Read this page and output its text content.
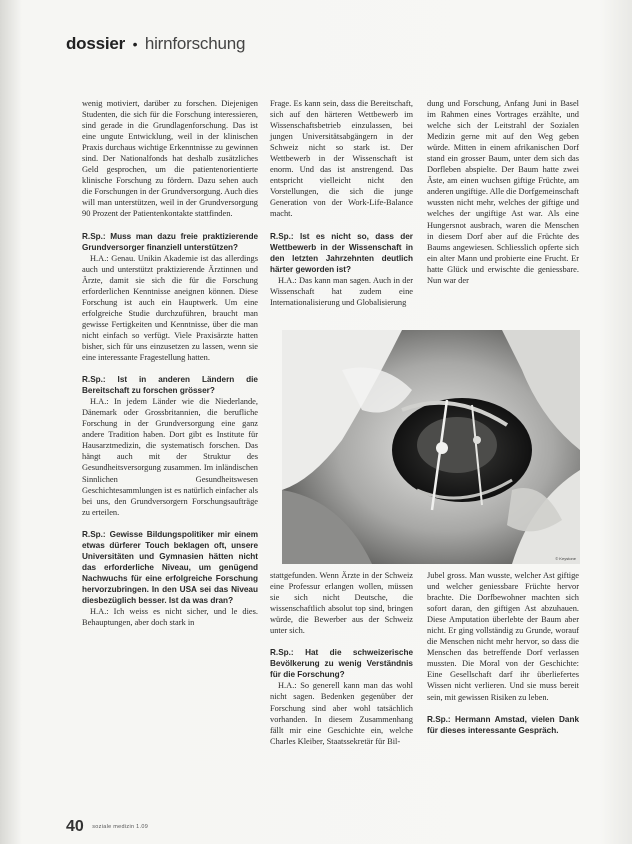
dossier • hirnforschung

wenig motiviert, darüber zu forschen. Diejenigen Studenten, die sich für die Forschung interessieren, sind gerade in die Grundlagenforschung. Das ist eine ungute Entwicklung, weil in der klinischen Praxis durchaus wichtige Erkenntnisse zu gewinnen sind. Der Nationalfonds hat deshalb zusätzliches Geld gesprochen, um die patientenorientierte klinische Forschung zu fördern. Dazu sehen auch die Forschungen in der Grundversorgung. Auch dies will man unterstützen, weil in der Grundversorgung 90 Prozent der Patientenkontakte stattfinden.

R.Sp.: Muss man dazu freie praktizierende Grundversorger finanziell unterstützen?

H.A.: Genau. Unikin Akademie ist das allerdings auch und unterstützt praktizierende Ärztinnen und Ärzte, damit sie sich die für die Forschung erforderlichen Kenntnisse aneignen können. Diese Forschung ist auch ein Hauptwerk. Um eine erfolgreiche Studie durchzuführen, braucht man gewisse Fertigkeiten und Kenntnisse, über die man nicht einfach so verfügt. Viele Praxisärzte hatten bisher, sich für uns einzusetzen zu lassen, wenn sie eine interessante Fragestellung hatten.

R.Sp.: Ist in anderen Ländern die Bereitschaft zu forschen grösser?

H.A.: In jedem Länder wie die Niederlande, Dänemark oder Grossbritannien, die berufliche Forschung in der Grundversorgung eine ganz andere Tradition haben. Dort gibt es Institute für Hausarztmedizin, die systematisch forschen. Das hängt auch mit der Struktur des Gesundheitsversorgung zusammen. Im inländischen Sinnlichen Gesundheitswesen Geschichtesammlungen ist es natürlich einfacher als bei uns, den Grundversorgern Forschungsaufträge zu erteilen.

R.Sp.: Gewisse Bildungspolitiker mir einem etwas dürferer Touch beklagen oft, unsere Universitäten und Gymnasien hätten nicht das erforderliche Niveau, um genügend Nachwuchs für eine erfolgreiche Forschung hervorzubringen. In den USA sei das Niveau diesbezüglich besser. Ist da was dran?

H.A.: Ich weiss es nicht sicher, und le dies. Behauptungen, aber doch stark in

Frage. Es kann sein, dass die Bereitschaft, sich auf den härteren Wettbewerb im Wissenschaftsbetrieb einzulassen, bei jungen Universitätsabgängern in der Schweiz nicht so stark ist. Der Wettbewerb in der Wissenschaft ist enorm. Und das ist anstrengend. Das entspricht vielleicht nicht den Vorstellungen, die sich die junge Generation von der Work-Life-Balance macht.

R.Sp.: Ist es nicht so, dass der Wettbewerb in der Wissenschaft in den letzten Jahrzehnten deutlich härter geworden ist?

H.A.: Das kann man sagen. Auch in der Wissenschaft hat zudem eine Internationalisierung und Globalisierung

dung und Forschung, Anfang Juni in Basel im Rahmen eines Vortrages erzählte, und welche sich der Leitstrahl der Sozialen Medizin gerne mit auf den Weg geben würde. Mitten in einem afrikanischen Dorf stand ein grosser Baum, unter dem sich das Dorfleben abspielte. Der Baum hatte zwei Äste, am einen wuchsen giftige Früchte, am anderen ungiftige. Alle die Dorfgemeinschaft wussten nicht mehr, welches der giftige und welches der ungiftige Ast war. Als eine Hungersnot ausbrach, waren die Menschen in diesem Dorf aber auf die Früchte des Baums angewiesen. Schliesslich opferte sich ein alter Mann und probierte eine Frucht. Er hatte Glück und erwischte die geniessbare. Nun war der

© Keystone

stattgefunden. Wenn Ärzte in der Schweiz eine Professur erlangen wollen, müssen sie sich nicht Deutsche, die wissenschaftlich absolut top sind, bringen würde, die Bewerber aus der Schweiz unter sich.

R.Sp.: Hat die schweizerische Bevölkerung zu wenig Verständnis für die Forschung?

H.A.: So generell kann man das wohl nicht sagen. Bedenken gegenüber der Forschung sind aber wohl tatsächlich vorhanden. In diesem Zusammenhang fällt mir eine Geschichte ein, welche Charles Kleiber, Staatssekretär für Bil-

Jubel gross. Man wusste, welcher Ast giftige und welcher geniessbare Früchte hervor brachte. Die Dorfbewohner machten sich sofort daran, den giftigen Ast abzuhauen. Diese Amputation überlebte der Baum aber nicht. Er ging vollständig zu Grunde, worauf die Menschen nicht mehr hervor, so dass die Menschen das betreffende Dorf verlassen mussten. Die Moral von der Geschichte: Eine Gesellschaft darf ihr überliefertes Wissen nicht verlieren. Und sie muss bereit sein, mit gewissen Risiken zu leben.

R.Sp.: Hermann Amstad, vielen Dank für dieses interessante Gespräch.

40 soziale medizin 1.09
